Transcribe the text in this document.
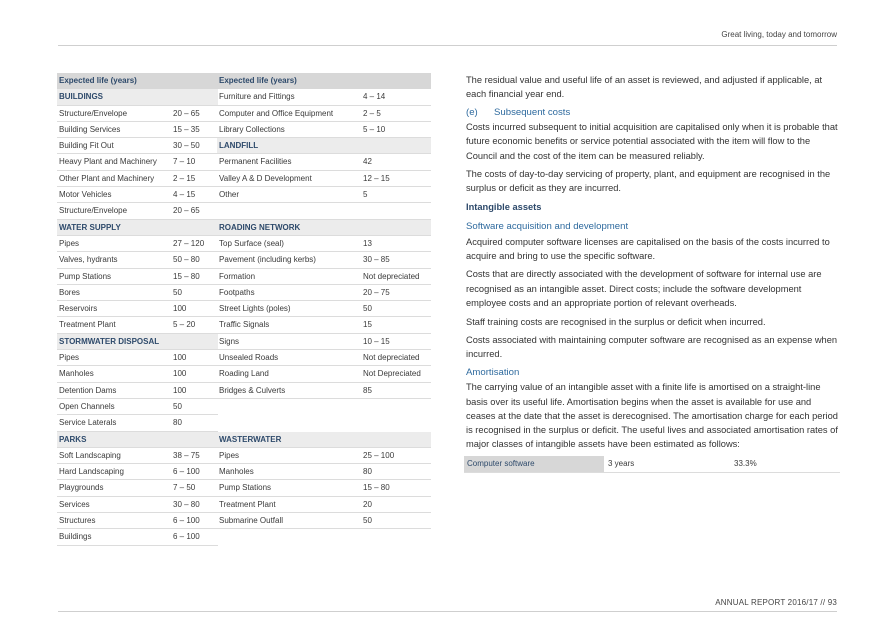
Great living, today and tomorrow
Expected life (years)
BUILDINGS
Structure/Envelope	20 – 65
Building Services	15 – 35
Building Fit Out	30 – 50
Heavy Plant and Machinery 7 – 10
Other Plant and Machinery 2 – 15
Motor Vehicles	4 – 15
Structure/Envelope	20 – 65
WATER SUPPLY
Pipes	27 – 120
Valves, hydrants	50 – 80
Pump Stations	15 – 80
Bores	50
Reservoirs	100
Treatment Plant	5 – 20
STORMWATER DISPOSAL
Pipes	100
Manholes	100
Detention Dams	100
Open Channels	50
Service Laterals	80
PARKS
Soft Landscaping	38 – 75
Hard Landscaping	6 – 100
Playgrounds	7 – 50
Services	30 – 80
Structures	6 – 100
Buildings	6 – 100
Expected life (years)
Furniture and Fittings	4 – 14
Computer and Office Equipment	2 – 5
Library Collections	5 – 10
LANDFILL
Permanent Facilities	42
Valley A & D Development	12 – 15
Other	5
ROADING NETWORK
Top Surface (seal)	13
Pavement (including kerbs)	30 – 85
Formation	Not depreciated
Footpaths	20 – 75
Street Lights (poles)	50
Traffic Signals	15
Signs	10 – 15
Unsealed Roads	Not depreciated
Roading Land	Not Depreciated
Bridges & Culverts	85
WASTERWATER
Pipes	25 – 100
Manholes	80
Pump Stations	15 – 80
Treatment Plant	20
Submarine Outfall	50

The residual value and useful life of an asset is reviewed, and adjusted if applicable, at each financial year end.

(e) Subsequent costs

Costs incurred subsequent to initial acquisition are capitalised only when it is probable that future economic benefits or service potential associated with the item will flow to the Council and the cost of the item can be measured reliably.

The costs of day-to-day servicing of property, plant, and equipment are recognised in the surplus or deficit as they are incurred.

Intangible assets

Software acquisition and development

Acquired computer software licenses are capitalised on the basis of the costs incurred to acquire and bring to use the specific software.

Costs that are directly associated with the development of software for internal use are recognised as an intangible asset. Direct costs; include the software development employee costs and an appropriate portion of relevant overheads.

Staff training costs are recognised in the surplus or deficit when incurred.

Costs associated with maintaining computer software are recognised as an expense when incurred.

Amortisation

The carrying value of an intangible asset with a finite life is amortised on a straight-line basis over its useful life. Amortisation begins when the asset is available for use and ceases at the date that the asset is derecognised. The amortisation charge for each period is recognised in the surplus or deficit. The useful lives and associated amortisation rates of major classes of intangible assets have been estimated as follows:

Computer software	3 years	33.3%
ANNUAL REPORT 2016/17 // 93
